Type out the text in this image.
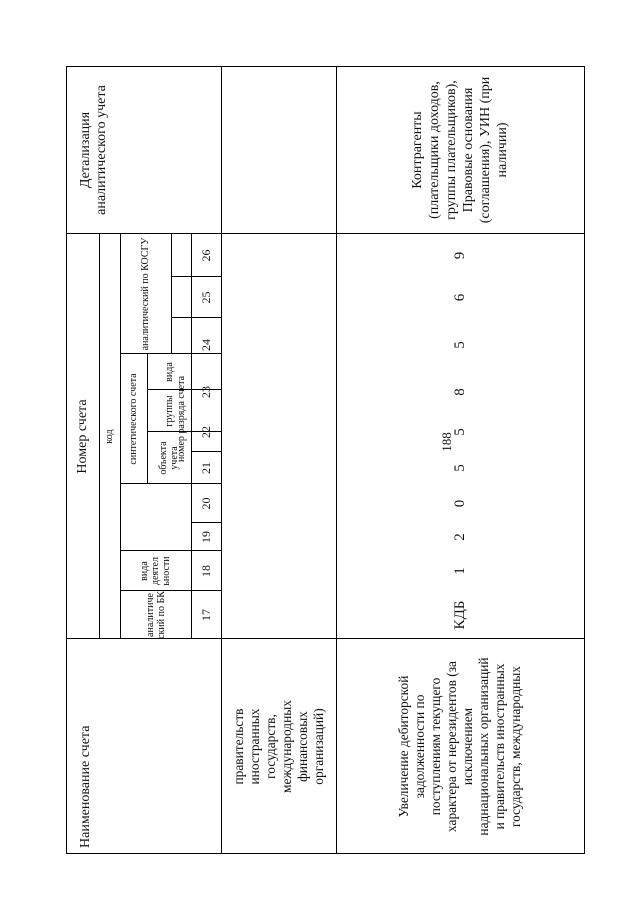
188
Наименование счета
Номер счета
Детализация аналитического учета
код
аналитиче ский по БК
вида деятел ьности
синтетического счета
аналитический по КОСГУ
объекта учета
группы
вида
номер разряда счета
17
18
19
20
21
22
23
24
25
26
правительств иностранных государств, международных финансовых организаций)	Увеличение дебиторской задолженности по поступлениям текущего характера от нерезидентов (за исключением наднациональных организаций и правительств иностранных государств, международных
КДБ
1
2
0
5
5
8
5
6
9
Контрагенты (плательщики доходов, группы плательщиков), Правовые основания (соглашения), УИН (при наличии)
